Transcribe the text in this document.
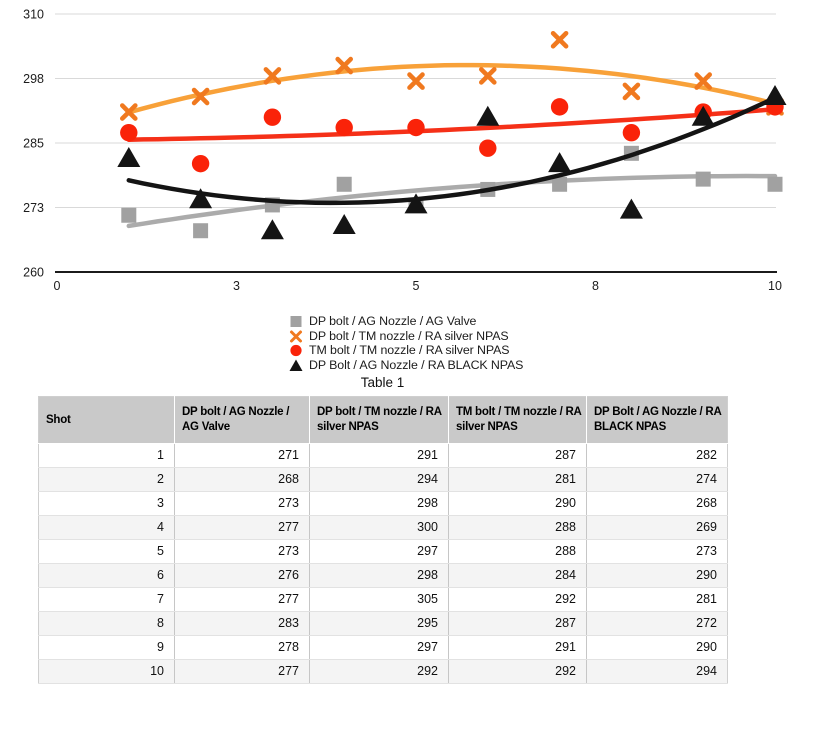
260
273
285
298
310
0	3	5	8	10
DP bolt / AG Nozzle / AG Valve
DP bolt / TM nozzle / RA silver NPAS
TM bolt / TM nozzle / RA silver NPAS
DP Bolt / AG Nozzle / RA BLACK NPAS
Table 1
Shot	DP bolt / AG Nozzle / AG Valve	DP bolt / TM nozzle / RA silver NPAS	TM bolt / TM nozzle / RA silver NPAS	DP Bolt / AG Nozzle / RA BLACK NPAS
1	271	291	287	282
2	268	294	281	274
3	273	298	290	268
4	277	300	288	269
5	273	297	288	273
6	276	298	284	290
7	277	305	292	281
8	283	295	287	272
9	278	297	291	290
10	277	292	292	294
